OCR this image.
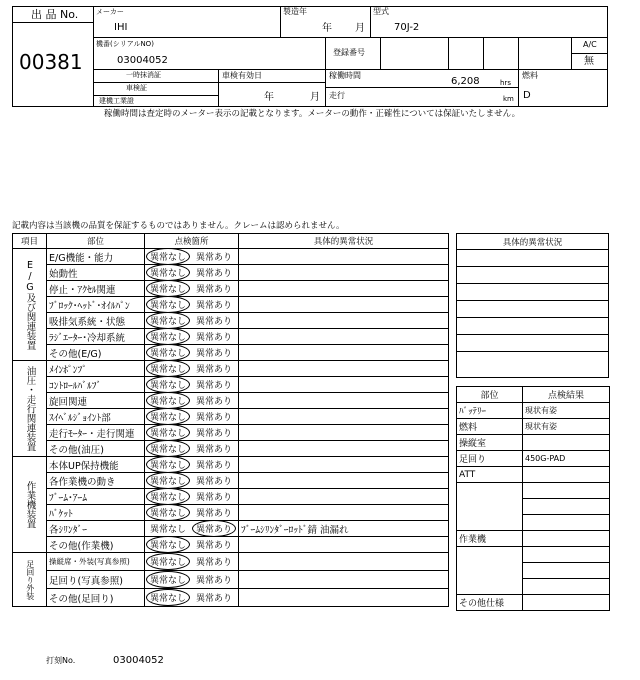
出 品 No.
00381
メーカー
IHI
製造年
年 月
型式
70J-2
機番(シリアルNO)
03004052
登録番号
A/C
無
一時抹消証
車検証
建機工業證
車検有効日
年	月
稼働時間
6,208	hrs
km
走行
燃料
D
稼働時間は査定時のメーター表示の記載となります。メーターの動作・正確性については保証いたしません。
記載内容は当該機の品質を保証するものではありません。クレームは認められません。
項目	部位	点検箇所	具体的異常状況

E/G及び関連装置	E/G機能・能力	異常なし 異常あり	

	始動性	異常なし 異常あり	

	停止・ｱｸｾﾙ関連	異常なし 異常あり	

	ﾌﾞﾛｯｸ･ﾍｯﾄﾞ･ｵｲﾙﾊﾟﾝ	異常なし 異常あり	

	吸排気系統・状態	異常なし 異常あり	

	ﾗｼﾞｴｰﾀｰ･冷却系統	異常なし 異常あり	

	その他(E/G)	異常なし 異常あり	

油圧・走行関連装置	ﾒｲﾝﾎﾟﾝﾌﾟ	異常なし 異常あり	

	ｺﾝﾄﾛｰﾙﾊﾞﾙﾌﾞ	異常なし 異常あり	

	旋回関連	異常なし 異常あり	

	ｽｲﾍﾞﾙｼﾞｮｲﾝﾄ部	異常なし 異常あり	

	走行ﾓｰﾀｰ・走行関連	異常なし 異常あり	

	その他(油圧)	異常なし 異常あり	

作業機装置	本体UP保持機能	異常なし 異常あり	

	各作業機の動き	異常なし 異常あり	

	ﾌﾞｰﾑ･ｱｰﾑ	異常なし 異常あり	

	ﾊﾞｹｯﾄ	異常なし 異常あり	

	各ｼﾘﾝﾀﾞｰ	異常なし 異常あり	ﾌﾞｰﾑｼﾘﾝﾀﾞｰﾛｯﾄﾞ錆 油漏れ
	その他(作業機)	異常なし 異常あり	

足回り外装	操縦席・外装(写真参照)	異常なし 異常あり	

	足回り(写真参照)	異常なし 異常あり	

	その他(足回り)	異常なし 異常あり	

具体的異常状況

部位	点検結果
ﾊﾞｯﾃﾘｰ	現状有姿
燃料	現状有姿
操縦室	
足回り	450G-PAD
ATT	

作業機	

その他仕様	
打刻No.	03004052
